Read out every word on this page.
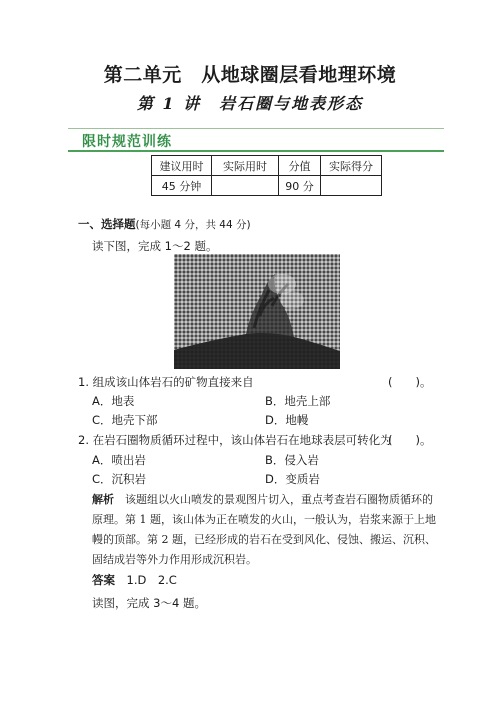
第二单元　从地球圈层看地理环境
第 1 讲　岩石圈与地表形态
限时规范训练
建议用时	实际用时	分值	实际得分
45 分钟		90 分	
一、选择题(每小题 4 分，共 44 分)
读下图，完成 1～2 题。
1. 组成该山体岩石的矿物直接来自	(　　)。
A．地表	B．地壳上部
C．地壳下部	D．地幔
2. 在岩石圈物质循环过程中，该山体岩石在地球表层可转化为
(　　)。
A．喷出岩	B．侵入岩
C．沉积岩	D．变质岩
解析　 该题组以火山喷发的景观图片切入，重点考查岩石圈物质循环的原理。第 1 题，该山体为正在喷发的火山，一般认为，岩浆来源于上地幔的顶部。第 2 题，已经形成的岩石在受到风化、侵蚀、搬运、沉积、固结成岩等外力作用形成沉积岩。
答案　 1.D　2.C
读图，完成 3～4 题。
